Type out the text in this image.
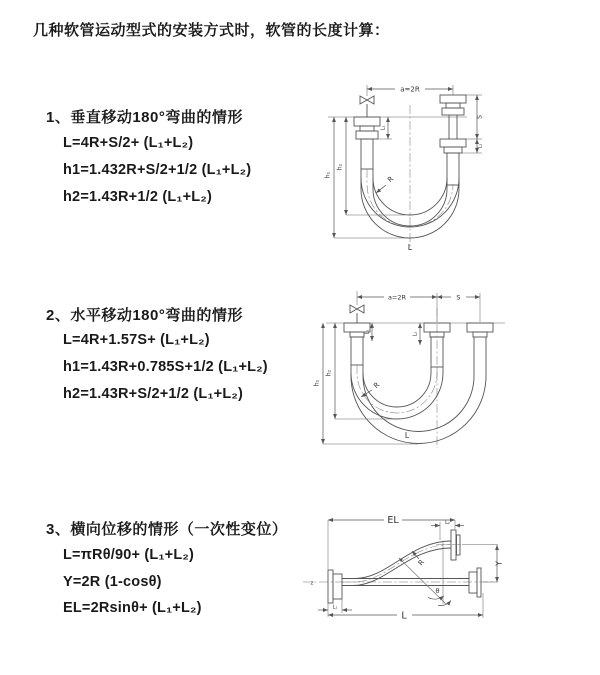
几种软管运动型式的安装方式时，软管的长度计算：
1、垂直移动180°弯曲的情形
L=4R+S/2+ (L₁+L₂)
h1=1.432R+S/2+1/2 (L₁+L₂)
h2=1.43R+1/2 (L₁+L₂)
2、水平移动180°弯曲的情形
L=4R+1.57S+ (L₁+L₂)
h1=1.43R+0.785S+1/2 (L₁+L₂)
h2=1.43R+S/2+1/2 (L₁+L₂)
3、横向位移的情形（一次性变位）
L=πRθ/90+ (L₁+L₂)
Y=2R (1-cosθ)
EL=2Rsinθ+ (L₁+L₂)
a=2R
L₁
S
L₂
R
h₁
h₂
L
a=2R	S
L₁	L₂
R
h₁
h₂
L
EL	L₂
z
Y
R
θ
L₁
L
